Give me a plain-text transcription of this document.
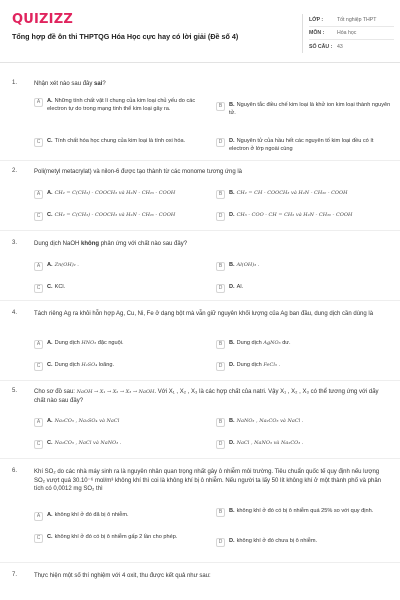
QUIZIZZ
Tổng hợp đề ôn thi THPTQG Hóa Học cực hay có lời giải (Đề số 4)
LỚP :	Tốt nghiệp THPT
MÔN :	Hóa học
SỐ CÂU : 43
1.	Nhận xét nào sau đây sai?
A	A. Những tính chất vật lí chung của kim loại chủ yếu do các electron tự do trong mạng tinh thể kim loại gây ra.	B	B. Nguyên tắc điều chế kim loại là khử ion kim loại thành nguyên tử.
C	C. Tính chất hóa học chung của kim loại là tính oxi hóa.	D	D. Nguyên tử của hầu hết các nguyên tố kim loại đều có ít electron ở lớp ngoài cùng
2.	Poli(metyl metacrylat) và nilon-6 được tạo thành từ các monome tương ứng là
A	A. CH₂ = C(CH₃) - COOCH₃ và H₂N - CH₂₅ - COOH	B	B. CH₂ = CH - COOCH₃ và H₂N - CH₂₆ - COOH
C	C. CH₂ = C(CH₃) - COOCH₃ và H₂N - CH₂₆ - COOH	D	D. CH₃ - COO - CH = CH₂ và H₂N - CH₂₆ - COOH
3.	Dung dịch NaOH không phản ứng với chất nào sau đây?
A	A. Zn(OH)₂ .	B	B. Al(OH)₃ .
C	C. KCl.	D	D. Al.
4.	Tách riêng Ag ra khỏi hỗn hợp Ag, Cu, Ni, Fe ở dạng bột mà vẫn giữ nguyên khối lượng của Ag ban đầu, dung dịch cần dùng là
A	A. Dung dịch HNO₃ đặc nguội.	B	B. Dung dịch AgNO₃ dư.
C	C. Dung dịch H₂SO₄ loãng.	D	D. Dung dịch FeCl₃ .
5.	Cho sơ đồ sau: NaOH → X₁ → X₂ → X₃ → NaOH. Với X₁ , X₂ , X₃ là các hợp chất của natri. Vậy X₁ , X₂ , X₃ có thể tương ứng với dãy chất nào sau đây?
A	A. Na₂CO₃ , Na₂SO₄ và NaCl	B	B. NaNO₃ , Na₂CO₃ và NaCl .
C	C. Na₂CO₃ , NaCl và NaNO₃ .	D	D. NaCl , NaNO₃ và Na₂CO₃ .
6.	Khí SO₂ do các nhà máy sinh ra là nguyên nhân quan trọng nhất gây ô nhiễm môi trường. Tiêu chuẩn quốc tế quy định nếu lượng SO₂ vượt quá 30.10⁻⁶ mol/m³ không khí thì coi là không khí bị ô nhiễm. Nếu người ta lấy 50 lít không khí ở một thành phố và phân tích có 0,0012 mg SO₂ thì
A	A. không khí ở đó đã bị ô nhiễm.	B	B. không khí ở đó có bị ô nhiễm quá 25% so với quy định.
C	C. không khí ở đó có bị ô nhiễm gấp 2 lần cho phép.
D	D. không khí ở đó chưa bị ô nhiễm.
7.	Thực hiện một số thí nghiệm với 4 oxit, thu được kết quả như sau:
